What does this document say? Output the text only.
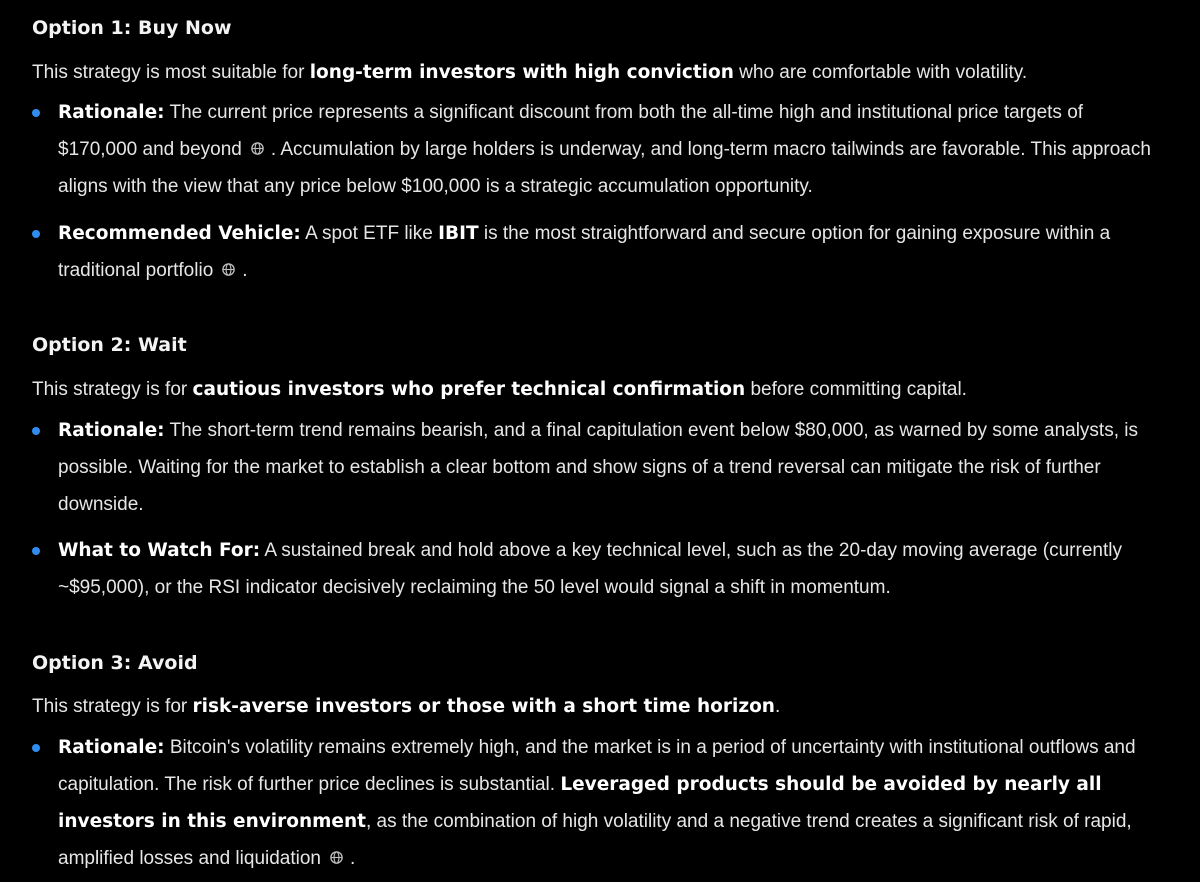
Option 1: Buy Now

This strategy is most suitable for long-term investors with high conviction who are comfortable with volatility.

Rationale: The current price represents a significant discount from both the all-time high and institutional price targets of $170,000 and beyond . Accumulation by large holders is underway, and long-term macro tailwinds are favorable. This approach aligns with the view that any price below $100,000 is a strategic accumulation opportunity.
Recommended Vehicle: A spot ETF like IBIT is the most straightforward and secure option for gaining exposure within a traditional portfolio .
Option 2: Wait

This strategy is for cautious investors who prefer technical confirmation before committing capital.

Rationale: The short-term trend remains bearish, and a final capitulation event below $80,000, as warned by some analysts, is possible. Waiting for the market to establish a clear bottom and show signs of a trend reversal can mitigate the risk of further downside.
What to Watch For: A sustained break and hold above a key technical level, such as the 20-day moving average (currently ~$95,000), or the RSI indicator decisively reclaiming the 50 level would signal a shift in momentum.
Option 3: Avoid

This strategy is for risk-averse investors or those with a short time horizon.

Rationale: Bitcoin's volatility remains extremely high, and the market is in a period of uncertainty with institutional outflows and capitulation. The risk of further price declines is substantial. Leveraged products should be avoided by nearly all investors in this environment, as the combination of high volatility and a negative trend creates a significant risk of rapid, amplified losses and liquidation .
